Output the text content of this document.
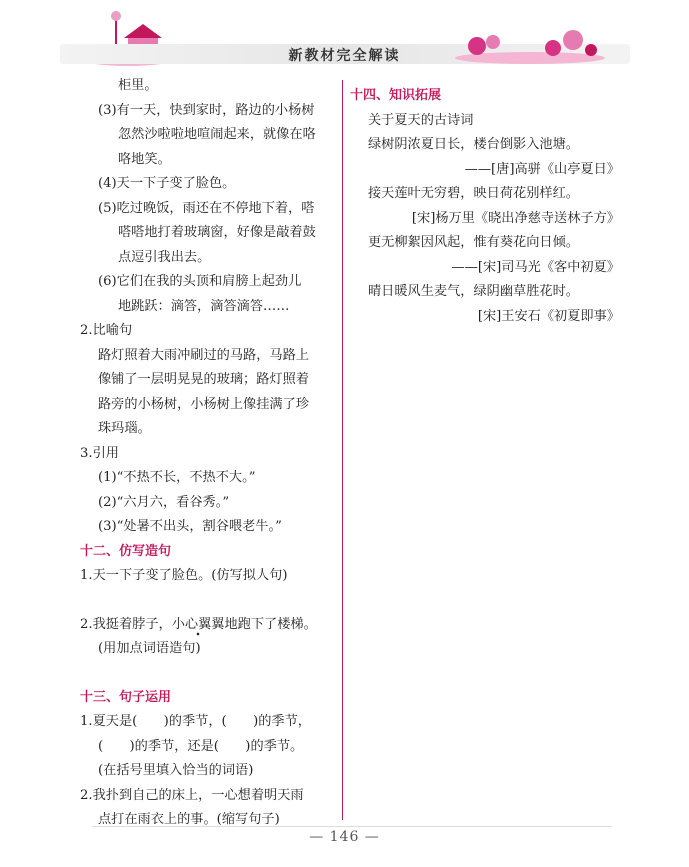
新教材完全解读
柜里。
(3)有一天，快到家时，路边的小杨树
忽然沙啦啦地喧闹起来，就像在咯
咯地笑。
(4)天一下子变了脸色。
(5)吃过晚饭，雨还在不停地下着，嗒
嗒嗒地打着玻璃窗，好像是敲着鼓
点逗引我出去。
(6)它们在我的头顶和肩膀上起劲儿
地跳跃：滴答，滴答滴答……
2.比喻句
路灯照着大雨冲刷过的马路，马路上
像铺了一层明晃晃的玻璃；路灯照着
路旁的小杨树，小杨树上像挂满了珍
珠玛瑙。
3.引用
(1)“不热不长，不热不大。”
(2)“六月六，看谷秀。”
(3)“处暑不出头，割谷喂老牛。”
十二、仿写造句
1.天一下子变了脸色。(仿写拟人句)
2.我挺着脖子，小心翼翼地跑下了楼梯。
(用加点词语造句)
十三、句子运用
1.夏天是(　　)的季节，(　　)的季节，
(　　)的季节，还是(　　)的季节。
(在括号里填入恰当的词语)
2.我扑到自己的床上，一心想着明天雨
点打在雨衣上的事。(缩写句子)
十四、知识拓展
关于夏天的古诗词
绿树阴浓夏日长，楼台倒影入池塘。
——[唐]高骈《山亭夏日》
接天莲叶无穷碧，映日荷花别样红。
[宋]杨万里《晓出净慈寺送林子方》
更无柳絮因风起，惟有葵花向日倾。
——[宋]司马光《客中初夏》
晴日暖风生麦气，绿阴幽草胜花时。
[宋]王安石《初夏即事》
— 146 —
